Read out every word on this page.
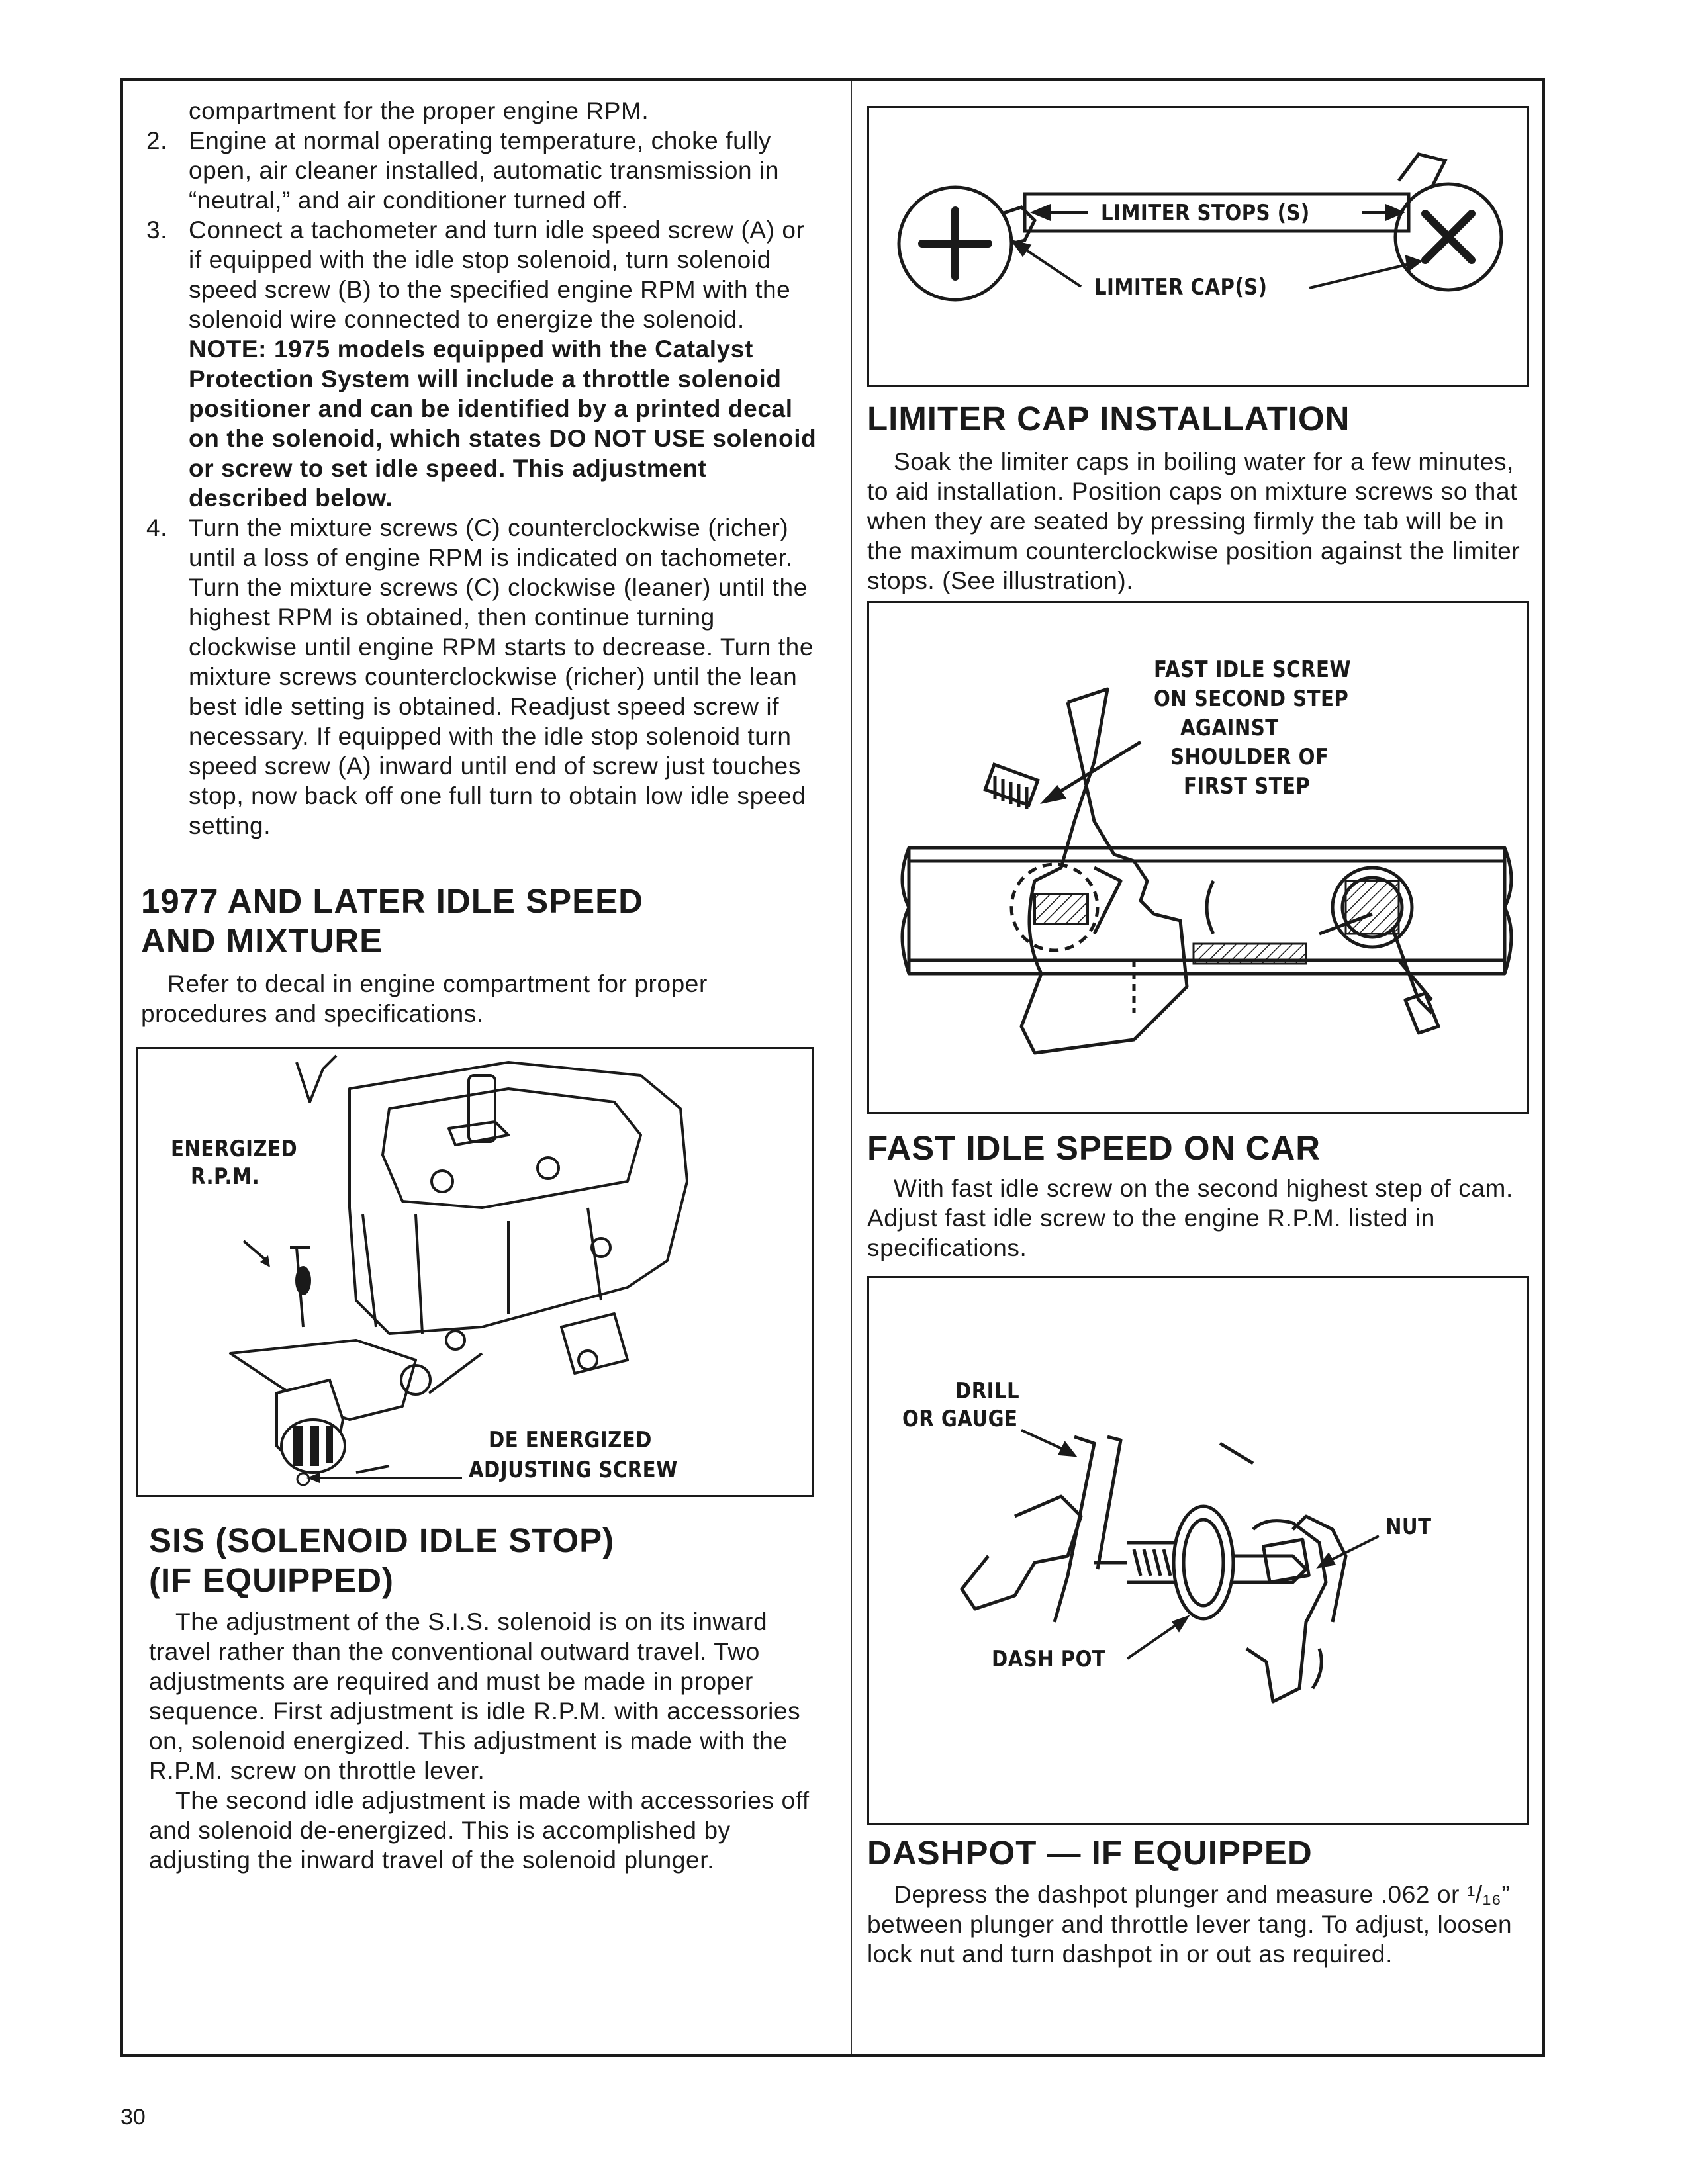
compartment for the proper engine RPM.

2. Engine at normal operating temperature, choke fully open, air cleaner installed, automatic transmission in “neutral,” and air conditioner turned off.
3. Connect a tachometer and turn idle speed screw (A) or if equipped with the idle stop solenoid, turn solenoid speed screw (B) to the specified engine RPM with the solenoid wire connected to energize the solenoid. NOTE: 1975 models equipped with the Catalyst Protection System will include a throttle solenoid positioner and can be identified by a printed decal on the solenoid, which states DO NOT USE solenoid or screw to set idle speed. This adjustment described below.
4. Turn the mixture screws (C) counterclockwise (richer) until a loss of engine RPM is indicated on tachometer. Turn the mixture screws (C) clockwise (leaner) until the highest RPM is obtained, then continue turning clockwise until engine RPM starts to decrease. Turn the mixture screws counterclockwise (richer) until the lean best idle setting is obtained. Readjust speed screw if necessary. If equipped with the idle stop solenoid turn speed screw (A) inward until end of screw just touches stop, now back off one full turn to obtain low idle speed setting.
1977 AND LATER IDLE SPEED
AND MIXTURE

Refer to decal in engine compartment for proper procedures and specifications.

ENERGIZED
R.P.M.
DE ENERGIZED
ADJUSTING SCREW
SIS (SOLENOID IDLE STOP)
(IF EQUIPPED)

The adjustment of the S.I.S. solenoid is on its inward travel rather than the conventional outward travel. Two adjustments are required and must be made in proper sequence. First adjustment is idle R.P.M. with accessories on, solenoid energized. This adjustment is made with the R.P.M. screw on throttle lever.

The second idle adjustment is made with accessories off and solenoid de-energized. This is accomplished by adjusting the inward travel of the solenoid plunger.

LIMITER STOPS (S)
LIMITER CAP(S)
LIMITER CAP INSTALLATION

Soak the limiter caps in boiling water for a few minutes, to aid installation. Position caps on mixture screws so that when they are seated by pressing firmly the tab will be in the maximum counterclockwise position against the limiter stops. (See illustration).

FAST IDLE SCREW
ON SECOND STEP
AGAINST
SHOULDER OF
FIRST STEP
FAST IDLE SPEED ON CAR

With fast idle screw on the second highest step of cam. Adjust fast idle screw to the engine R.P.M. listed in specifications.

DRILL
OR GAUGE
NUT
DASH POT
DASHPOT — IF EQUIPPED

Depress the dashpot plunger and measure .062 or ¹/₁₆” between plunger and throttle lever tang. To adjust, loosen lock nut and turn dashpot in or out as required.

30
